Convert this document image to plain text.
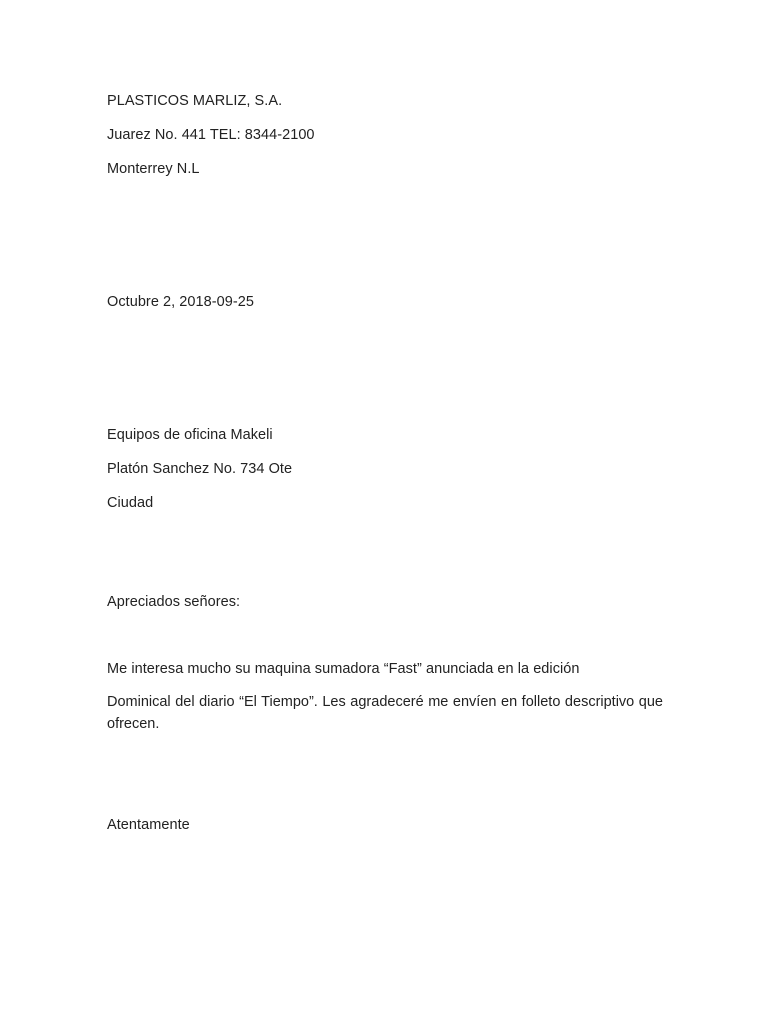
PLASTICOS MARLIZ, S.A.
Juarez No. 441 TEL: 8344-2100
Monterrey N.L
Octubre 2, 2018-09-25
Equipos de oficina Makeli
Platón Sanchez No. 734 Ote
Ciudad
Apreciados señores:
Me interesa mucho su maquina sumadora “Fast” anunciada en la edición
Dominical del diario “El Tiempo”. Les agradeceré me envíen en folleto descriptivo que ofrecen.
Atentamente
